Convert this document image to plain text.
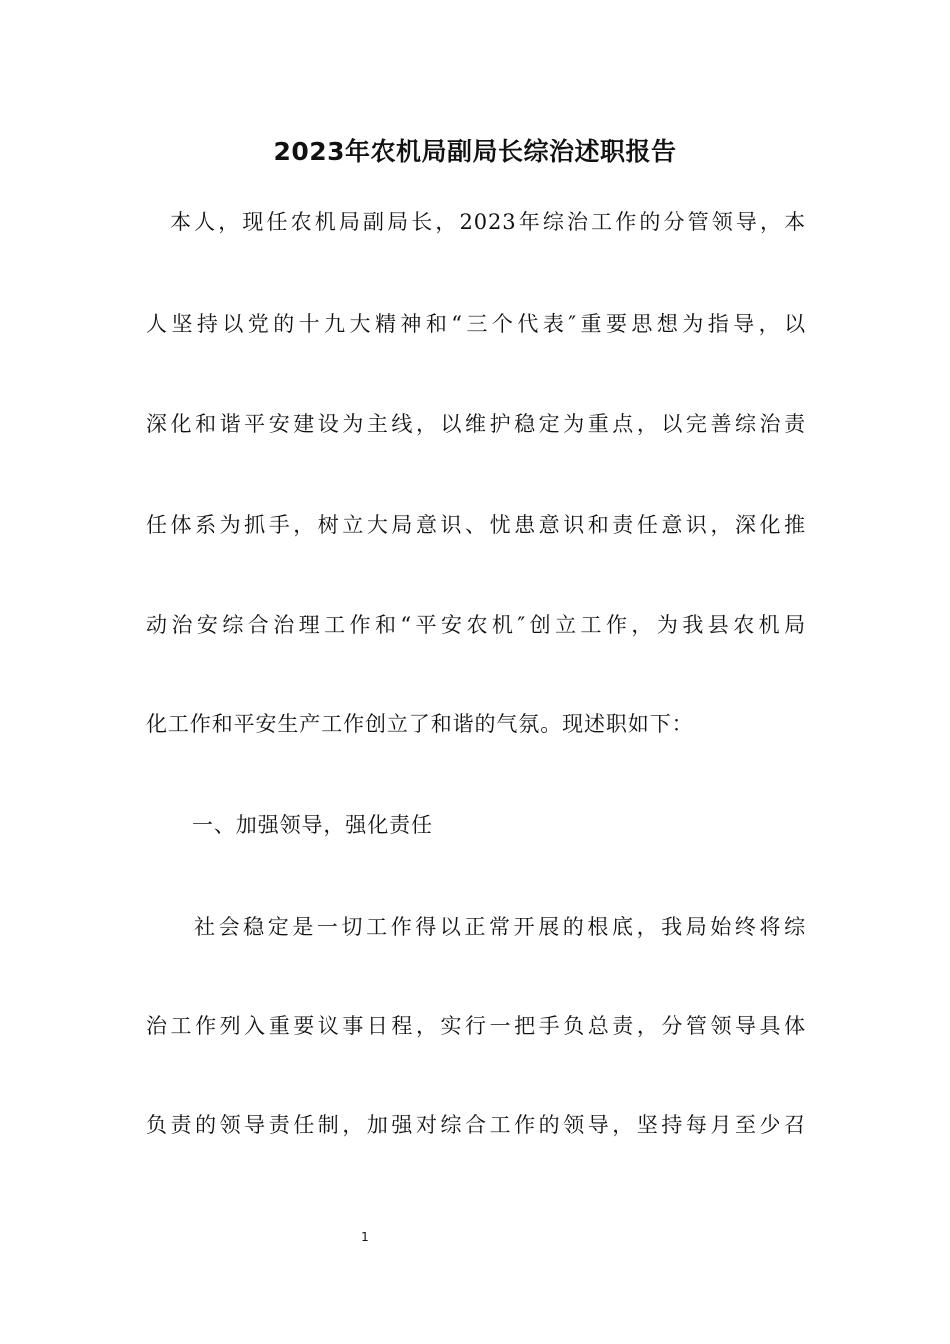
2023年农机局副局长综治述职报告
本人，现任农机局副局长，2023年综治工作的分管领导，本
人坚持以党的十九大精神和“三个代表″重要思想为指导，以
深化和谐平安建设为主线，以维护稳定为重点，以完善综治责
任体系为抓手，树立大局意识、忧患意识和责任意识，深化推
动治安综合治理工作和“平安农机″创立工作，为我县农机局
化工作和平安生产工作创立了和谐的气氛。现述职如下：
一、加强领导，强化责任
社会稳定是一切工作得以正常开展的根底，我局始终将综
治工作列入重要议事日程，实行一把手负总责，分管领导具体
负责的领导责任制，加强对综合工作的领导，坚持每月至少召
1
